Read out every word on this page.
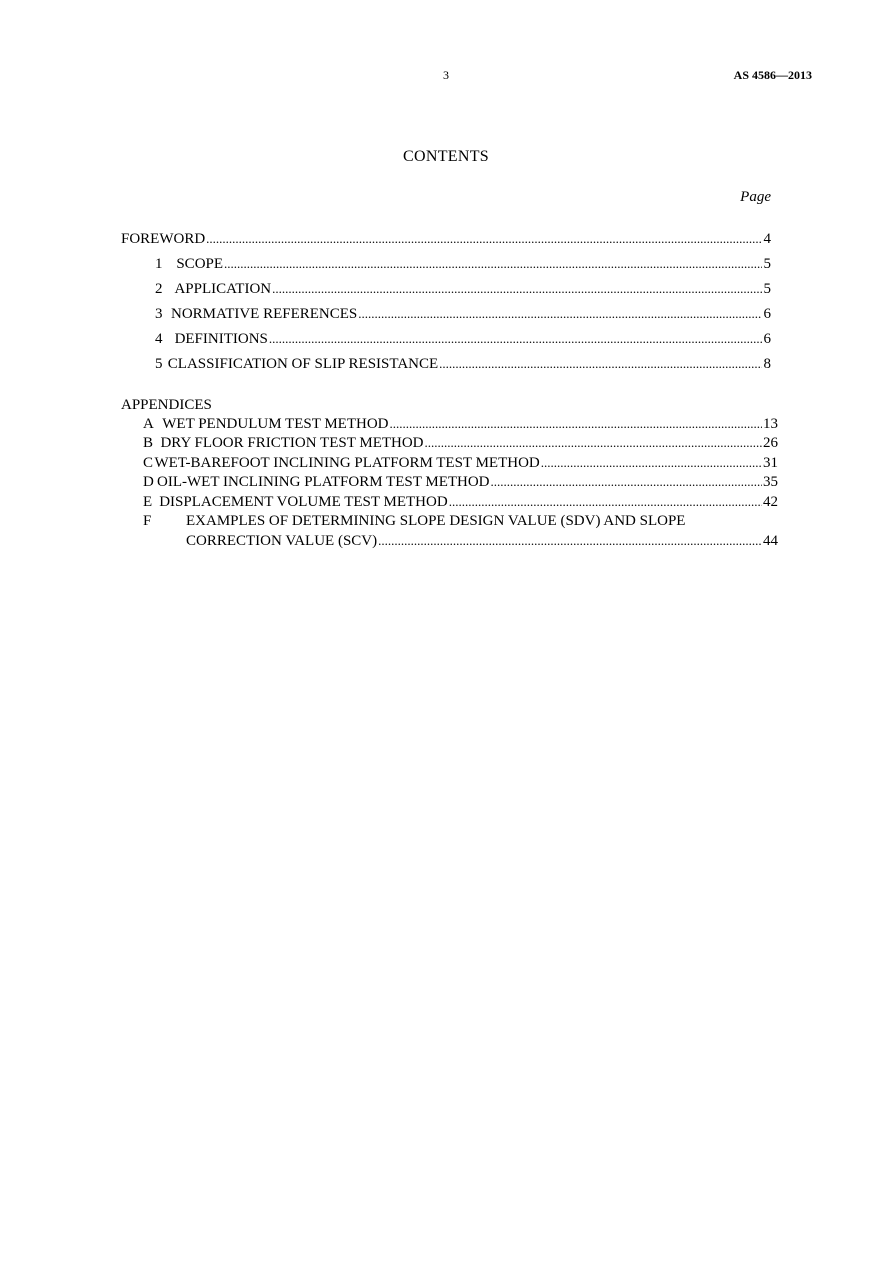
3	AS 4586—2013
CONTENTS
Page
FOREWORD .....	4
1 SCOPE .....	5
2 APPLICATION .....	5
3 NORMATIVE REFERENCES .....	6
4 DEFINITIONS .....	6
5 CLASSIFICATION OF SLIP RESISTANCE .....	8
APPENDICES
A WET PENDULUM TEST METHOD .....	13
B DRY FLOOR FRICTION TEST METHOD .....	26
C WET-BAREFOOT INCLINING PLATFORM TEST METHOD .....	31
D OIL-WET INCLINING PLATFORM TEST METHOD .....	35
E DISPLACEMENT VOLUME TEST METHOD .....	42
F EXAMPLES OF DETERMINING SLOPE DESIGN VALUE (SDV) AND SLOPE
CORRECTION VALUE (SCV) .....	44
